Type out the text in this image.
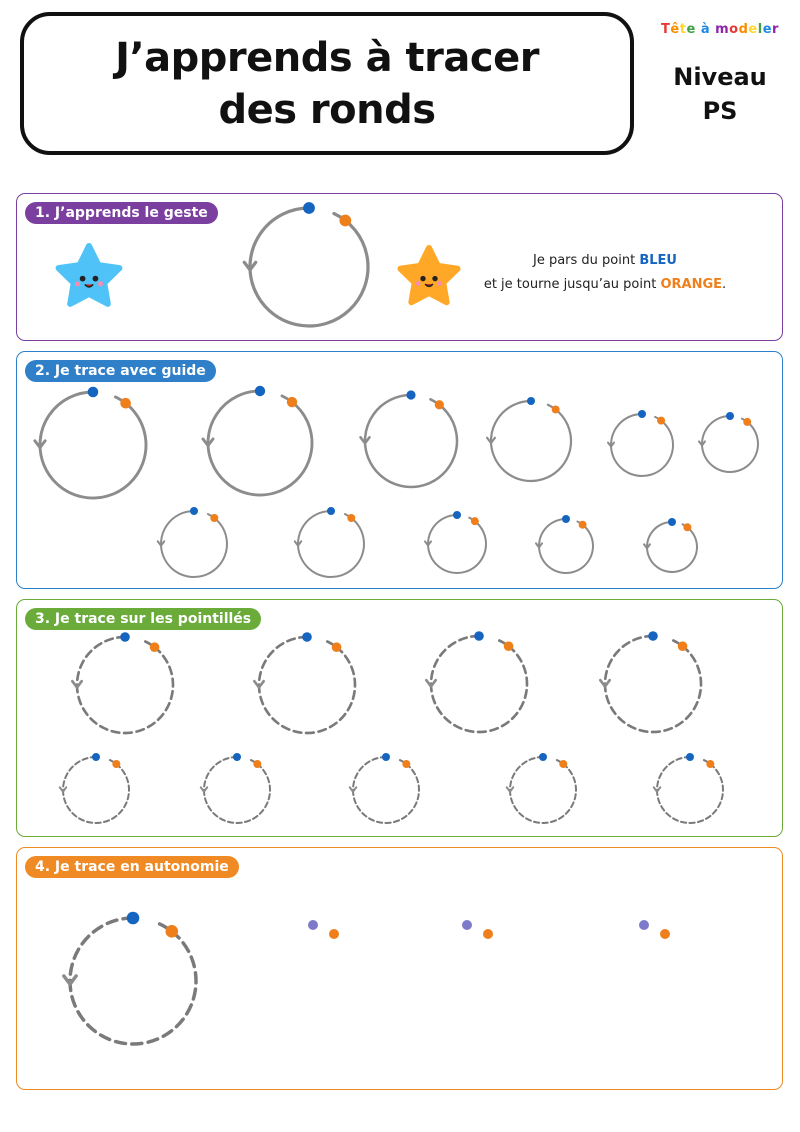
J’apprends à tracer
des ronds
Tête à modeler
Niveau
PS
1. J’apprends le geste
2. Je trace avec guide
3. Je trace sur les pointillés
4. Je trace en autonomie
Je pars du point BLEU
et je tourne jusqu’au point ORANGE.
